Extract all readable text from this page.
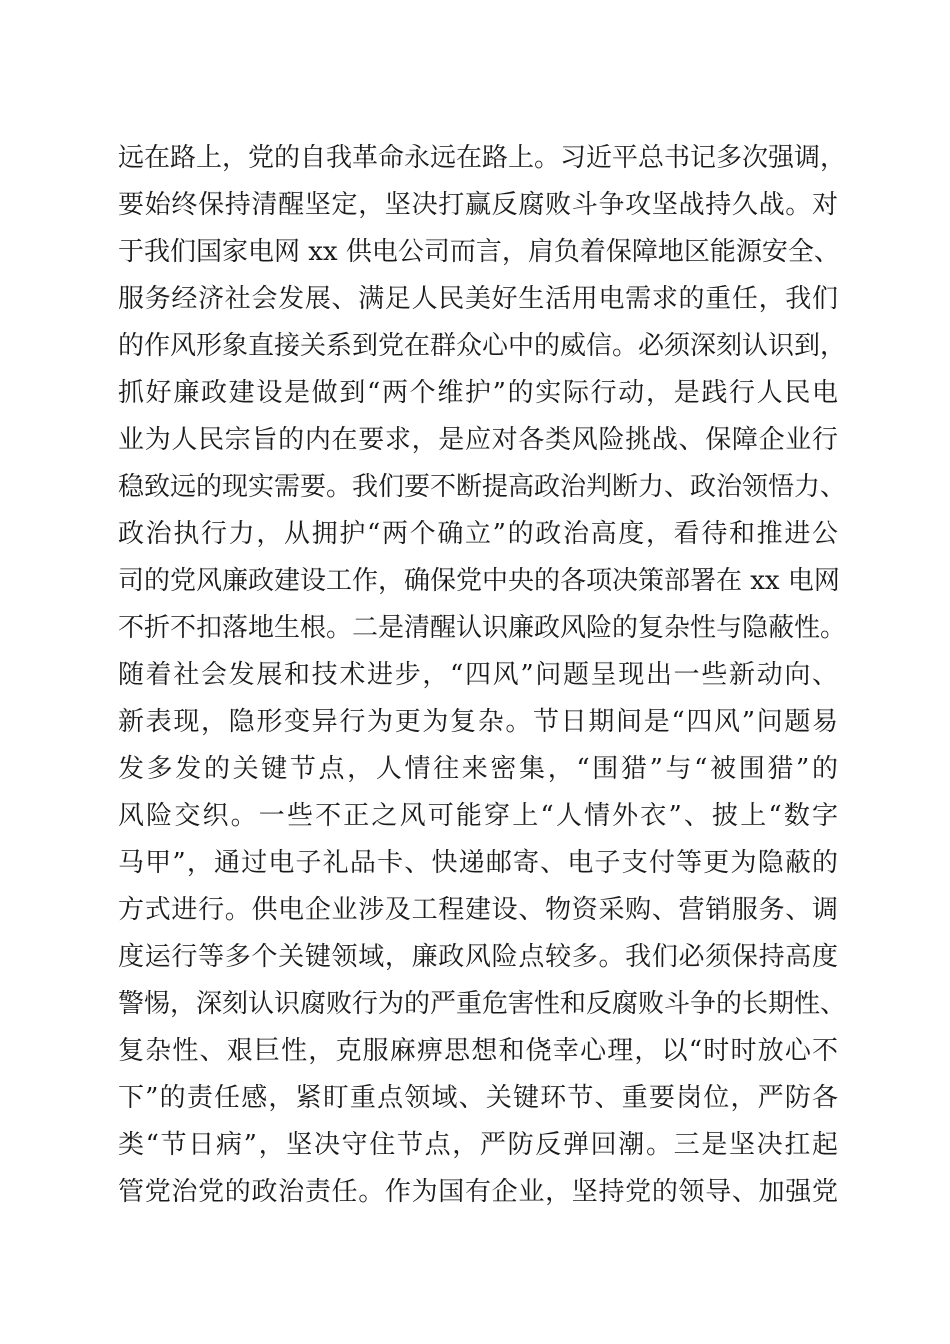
远在路上，党的自我革命永远在路上。习近平总书记多次强调，
要始终保持清醒坚定，坚决打赢反腐败斗争攻坚战持久战。对
于我们国家电网 xx 供电公司而言，肩负着保障地区能源安全、
服务经济社会发展、满足人民美好生活用电需求的重任，我们
的作风形象直接关系到党在群众心中的威信。必须深刻认识到，
抓好廉政建设是做到“两个维护”的实际行动，是践行人民电
业为人民宗旨的内在要求，是应对各类风险挑战、保障企业行
稳致远的现实需要。我们要不断提高政治判断力、政治领悟力、
政治执行力，从拥护“两个确立”的政治高度，看待和推进公
司的党风廉政建设工作，确保党中央的各项决策部署在 xx 电网
不折不扣落地生根。二是清醒认识廉政风险的复杂性与隐蔽性。
随着社会发展和技术进步，“四风”问题呈现出一些新动向、
新表现，隐形变异行为更为复杂。节日期间是“四风”问题易
发多发的关键节点，人情往来密集，“围猎”与“被围猎”的
风险交织。一些不正之风可能穿上“人情外衣”、披上“数字
马甲”，通过电子礼品卡、快递邮寄、电子支付等更为隐蔽的
方式进行。供电企业涉及工程建设、物资采购、营销服务、调
度运行等多个关键领域，廉政风险点较多。我们必须保持高度
警惕，深刻认识腐败行为的严重危害性和反腐败斗争的长期性、
复杂性、艰巨性，克服麻痹思想和侥幸心理，以“时时放心不
下”的责任感，紧盯重点领域、关键环节、重要岗位，严防各
类“节日病”，坚决守住节点，严防反弹回潮。三是坚决扛起
管党治党的政治责任。作为国有企业，坚持党的领导、加强党
